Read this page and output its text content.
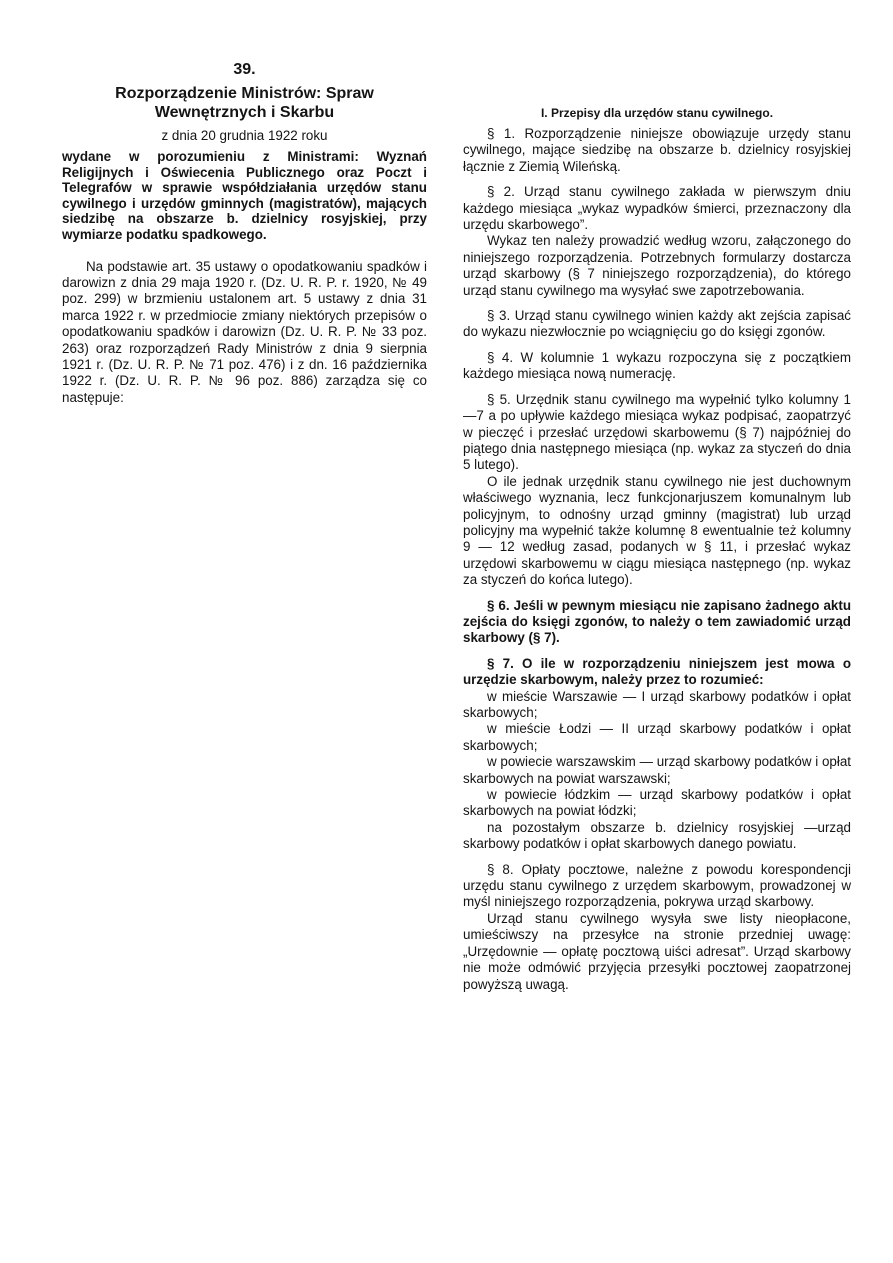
39.

Rozporządzenie Ministrów: Spraw Wewnętrznych i Skarbu

z dnia 20 grudnia 1922 roku

wydane w porozumieniu z Ministrami: Wyznań Religijnych i Oświecenia Publicznego oraz Poczt i Telegrafów w sprawie współdziałania urzędów stanu cywilnego i urzędów gminnych (magistratów), mających siedzibę na obszarze b. dzielnicy rosyjskiej, przy wymiarze podatku spadkowego.

Na podstawie art. 35 ustawy o opodatkowaniu spadków i darowizn z dnia 29 maja 1920 r. (Dz. U. R. P. r. 1920, № 49 poz. 299) w brzmieniu ustalonem art. 5 ustawy z dnia 31 marca 1922 r. w przedmiocie zmiany niektórych przepisów o opodatkowaniu spadków i darowizn (Dz. U. R. P. № 33 poz. 263) oraz rozporządzeń Rady Ministrów z dnia 9 sierpnia 1921 r. (Dz. U. R. P. № 71 poz. 476) i z dn. 16 października 1922 r. (Dz. U. R. P. № 96 poz. 886) zarządza się co następuje:

I. Przepisy dla urzędów stanu cywilnego.

§ 1. Rozporządzenie niniejsze obowiązuje urzędy stanu cywilnego, mające siedzibę na obszarze b. dzielnicy rosyjskiej łącznie z Ziemią Wileńską.

§ 2. Urząd stanu cywilnego zakłada w pierwszym dniu każdego miesiąca „wykaz wypadków śmierci, przeznaczony dla urzędu skarbowego”.

Wykaz ten należy prowadzić według wzoru, załączonego do niniejszego rozporządzenia. Potrzebnych formularzy dostarcza urząd skarbowy (§ 7 niniejszego rozporządzenia), do którego urząd stanu cywilnego ma wysyłać swe zapotrzebowania.

§ 3. Urząd stanu cywilnego winien każdy akt zejścia zapisać do wykazu niezwłocznie po wciągnięciu go do księgi zgonów.

§ 4. W kolumnie 1 wykazu rozpoczyna się z początkiem każdego miesiąca nową numerację.

§ 5. Urzędnik stanu cywilnego ma wypełnić tylko kolumny 1—7 a po upływie każdego miesiąca wykaz podpisać, zaopatrzyć w pieczęć i przesłać urzędowi skarbowemu (§ 7) najpóźniej do piątego dnia następnego miesiąca (np. wykaz za styczeń do dnia 5 lutego).

O ile jednak urzędnik stanu cywilnego nie jest duchownym właściwego wyznania, lecz funkcjonarjuszem komunalnym lub policyjnym, to odnośny urząd gminny (magistrat) lub urząd policyjny ma wypełnić także kolumnę 8 ewentualnie też kolumny 9 — 12 według zasad, podanych w § 11, i przesłać wykaz urzędowi skarbowemu w ciągu miesiąca następnego (np. wykaz za styczeń do końca lutego).

§ 6. Jeśli w pewnym miesiącu nie zapisano żadnego aktu zejścia do księgi zgonów, to należy o tem zawiadomić urząd skarbowy (§ 7).

§ 7. O ile w rozporządzeniu niniejszem jest mowa o urzędzie skarbowym, należy przez to rozumieć:

w mieście Warszawie — I urząd skarbowy podatków i opłat skarbowych;

w mieście Łodzi — II urząd skarbowy podatków i opłat skarbowych;

w powiecie warszawskim — urząd skarbowy podatków i opłat skarbowych na powiat warszawski;

w powiecie łódzkim — urząd skarbowy podatków i opłat skarbowych na powiat łódzki;

na pozostałym obszarze b. dzielnicy rosyjskiej —urząd skarbowy podatków i opłat skarbowych danego powiatu.

§ 8. Opłaty pocztowe, należne z powodu korespondencji urzędu stanu cywilnego z urzędem skarbowym, prowadzonej w myśl niniejszego rozporządzenia, pokrywa urząd skarbowy.

Urząd stanu cywilnego wysyła swe listy nieopłacone, umieściwszy na przesyłce na stronie przedniej uwagę: „Urzędownie — opłatę pocztową uiści adresat”. Urząd skarbowy nie może odmówić przyjęcia przesyłki pocztowej zaopatrzonej powyższą uwagą.
